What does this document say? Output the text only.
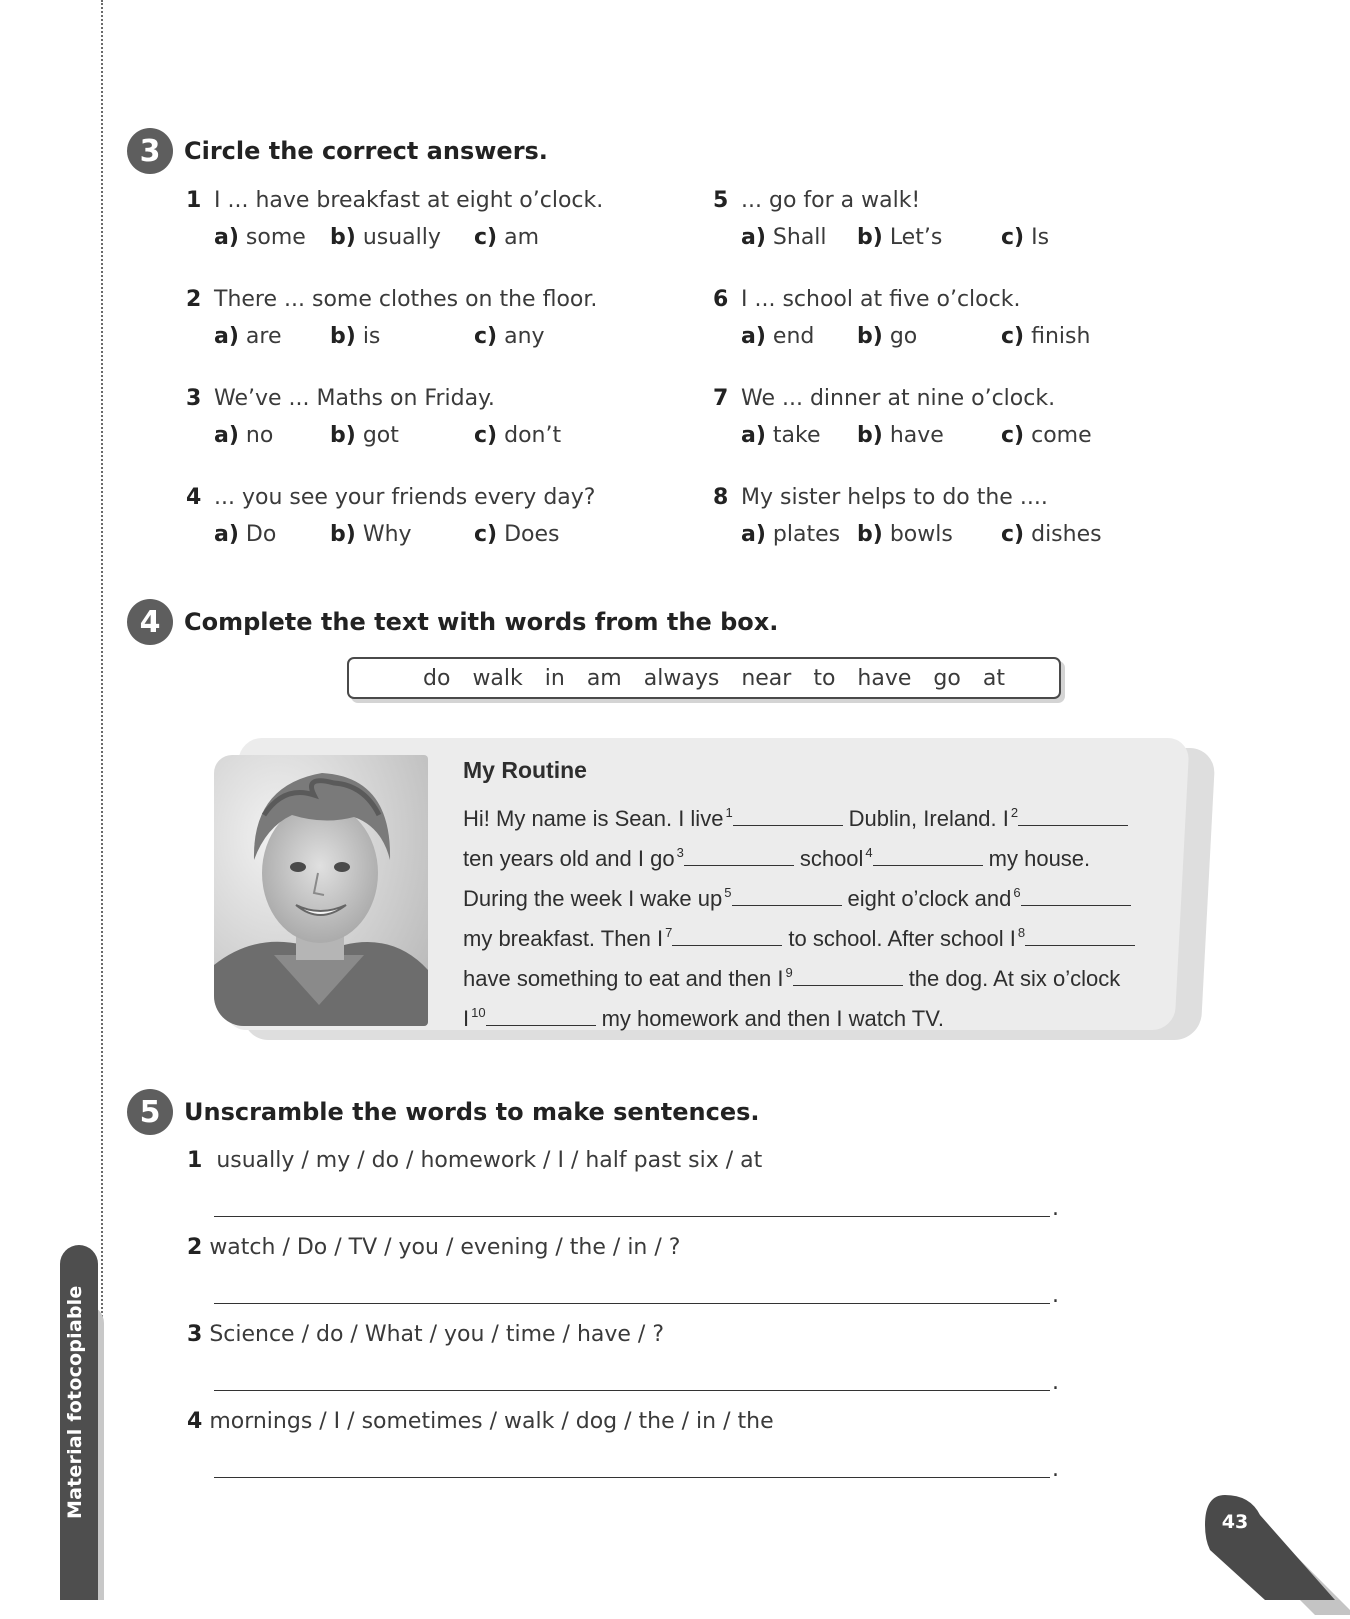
Material fotocopiable
3 Circle the correct answers.
1 I ... have breakfast at eight o’clock.
a) some b) usually c) am
2 There ... some clothes on the floor.
a) are b) is	c) any
3 We’ve ... Maths on Friday.
a) no	b) got	c) don’t
4 ... you see your friends every day?
a) Do b) Why	c) Does
5 ... go for a walk!
a) Shall b) Let’s	c) Is
6 I ... school at five o’clock.
a) end b) go	c) finish
7 We ... dinner at nine o’clock.
a) take b) have	c) come
8 My sister helps to do the ....
a) plates b) bowls c) dishes
4 Complete the text with words from the box.
do walk in am always near to have go at
My Routine
Hi! My name is Sean. I live $^1$	Dublin, Ireland. I $^2$
ten years old and I go $^3$	school $^4$	my house.
During the week I wake up $^5$	eight o’clock and $^6$
my breakfast. Then I $^7$	to school. After school I $^8$
have something to eat and then I $^9$	the dog. At six o’clock
I $^{10}$	my homework and then I watch TV.
5 Unscramble the words to make sentences.
1 usually / my / do / homework / I / half past six / at
.
2 watch / Do / TV / you / evening / the / in / ?
.
3 Science / do / What / you / time / have / ?
.
4 mornings / I / sometimes / walk / dog / the / in / the
.
43
